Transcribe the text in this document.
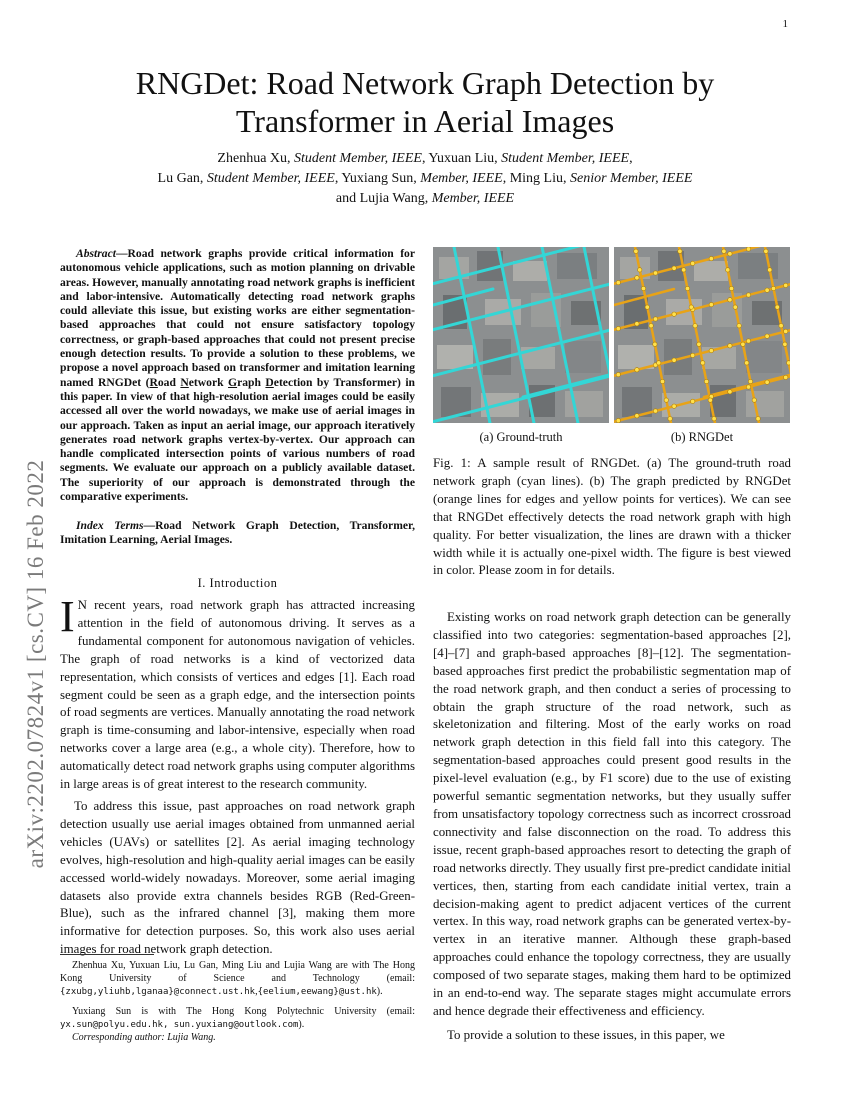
1
arXiv:2202.07824v1 [cs.CV] 16 Feb 2022
RNGDet: Road Network Graph Detection by
Transformer in Aerial Images
Zhenhua Xu, Student Member, IEEE, Yuxuan Liu, Student Member, IEEE,
Lu Gan, Student Member, IEEE, Yuxiang Sun, Member, IEEE, Ming Liu, Senior Member, IEEE
and Lujia Wang, Member, IEEE
Abstract—Road network graphs provide critical information for autonomous vehicle applications, such as motion planning on drivable areas. However, manually annotating road network graphs is inefficient and labor-intensive. Automatically detecting road network graphs could alleviate this issue, but existing works are either segmentation-based approaches that could not ensure satisfactory topology correctness, or graph-based approaches that could not present precise enough detection results. To provide a solution to these problems, we propose a novel approach based on transformer and imitation learning named RNGDet (Road Network Graph Detection by Transformer) in this paper. In view of that high-resolution aerial images could be easily accessed all over the world nowadays, we make use of aerial images in our approach. Taken as input an aerial image, our approach iteratively generates road network graphs vertex-by-vertex. Our approach can handle complicated intersection points of various numbers of road segments. We evaluate our approach on a publicly available dataset. The superiority of our approach is demonstrated through the comparative experiments.
Index Terms—Road Network Graph Detection, Transformer, Imitation Learning, Aerial Images.
I. Introduction
I N recent years, road network graph has attracted increasing attention in the field of autonomous driving. It serves as a fundamental component for autonomous navigation of vehicles. The graph of road networks is a kind of vectorized data representation, which consists of vertices and edges [1]. Each road segment could be seen as a graph edge, and the intersection points of road segments are vertices. Manually annotating the road network graph is time-consuming and labor-intensive, especially when road networks cover a large area (e.g., a whole city). Therefore, how to automatically detect road network graphs using computer algorithms in large areas is of great interest to the research community.
To address this issue, past approaches on road network graph detection usually use aerial images obtained from unmanned aerial vehicles (UAVs) or satellites [2]. As aerial imaging technology evolves, high-resolution and high-quality aerial images can be easily accessed world-widely nowadays. Moreover, some aerial imaging datasets also provide extra channels besides RGB (Red-Green-Blue), such as the infrared channel [3], making them more informative for detection purposes. So, this work also uses aerial images for road network graph detection.
Zhenhua Xu, Yuxuan Liu, Lu Gan, Ming Liu and Lujia Wang are with The Hong Kong University of Science and Technology (email: {zxubg,yliuhb,lganaa}@connect.ust.hk,{eelium,eewang}@ust.hk).
Yuxiang Sun is with The Hong Kong Polytechnic University (email: yx.sun@polyu.edu.hk, sun.yuxiang@outlook.com).
Corresponding author: Lujia Wang.
(a) Ground-truth	(b) RNGDet
Fig. 1: A sample result of RNGDet. (a) The ground-truth road network graph (cyan lines). (b) The graph predicted by RNGDet (orange lines for edges and yellow points for vertices). We can see that RNGDet effectively detects the road network graph with high quality. For better visualization, the lines are drawn with a thicker width while it is actually one-pixel width. The figure is best viewed in color. Please zoom in for details.
Existing works on road network graph detection can be generally classified into two categories: segmentation-based approaches [2], [4]–[7] and graph-based approaches [8]–[12]. The segmentation-based approaches first predict the probabilistic segmentation map of the road network graph, and then conduct a series of processing to obtain the graph structure of the road network, such as skeletonization and filtering. Most of the early works on road network graph detection in this field fall into this category. The segmentation-based approaches could present good results in the pixel-level evaluation (e.g., by F1 score) due to the use of existing powerful semantic segmentation networks, but they usually suffer from unsatisfactory topology correctness such as incorrect crossroad connectivity and false disconnection on the road. To address this issue, recent graph-based approaches resort to detecting the graph of road networks directly. They usually first pre-predict candidate initial vertices, then, starting from each candidate initial vertex, train a decision-making agent to predict adjacent vertices of the current vertex. In this way, road network graphs can be generated vertex-by-vertex in an iterative manner. Although these graph-based approaches could enhance the topology correctness, they are usually composed of two separate stages, making them hard to be optimized in an end-to-end way. The separate stages might accumulate errors and hence degrade their effectiveness and efficiency.
To provide a solution to these issues, in this paper, we
